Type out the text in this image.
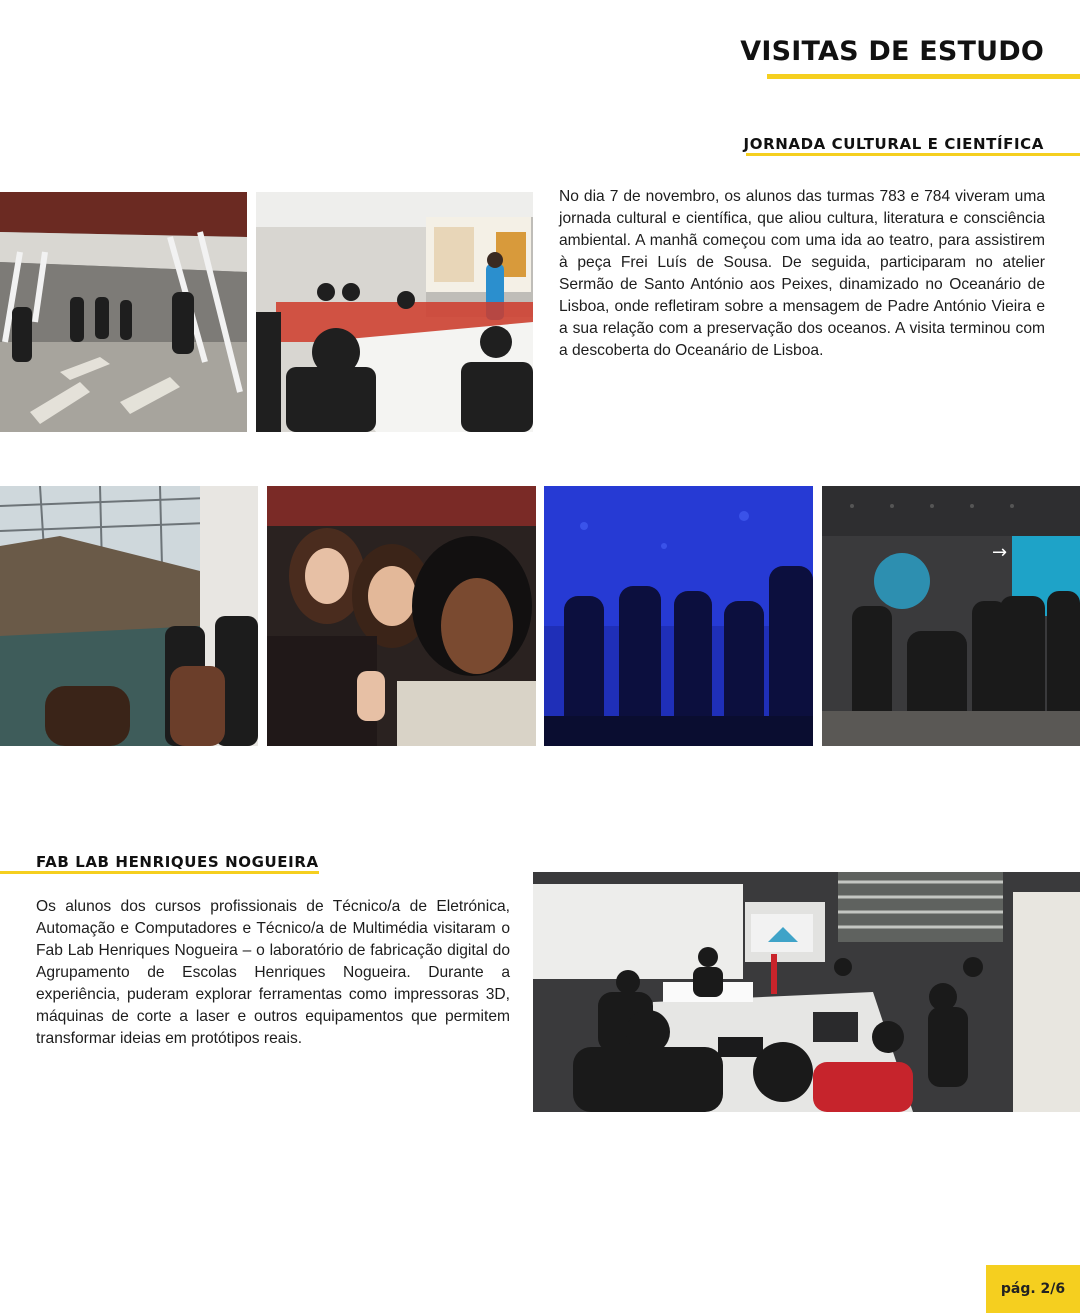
VISITAS DE ESTUDO
JORNADA CULTURAL E CIENTÍFICA

No dia 7 de novembro, os alunos das turmas 783 e 784 viveram uma jornada cultural e científica, que aliou cultura, literatura e consciência ambiental. A manhã começou com uma ida ao teatro, para assistirem à peça Frei Luís de Sousa. De seguida, participaram no atelier Sermão de Santo António aos Peixes, dinamizado no Oceanário de Lisboa, onde refletiram sobre a mensagem de Padre António Vieira e a sua relação com a preservação dos oceanos. A visita terminou com a descoberta do Oceanário de Lisboa.

→
FAB LAB HENRIQUES NOGUEIRA

Os alunos dos cursos profissionais de Técnico/a de Eletrónica, Automação e Computadores e Técnico/a de Multimédia visitaram o Fab Lab Henriques Nogueira – o laboratório de fabricação digital do Agrupamento de Escolas Henriques Nogueira. Durante a experiência, puderam explorar ferramentas como impressoras 3D, máquinas de corte a laser e outros equipamentos que permitem transformar ideias em protótipos reais.

pág. 2/6
